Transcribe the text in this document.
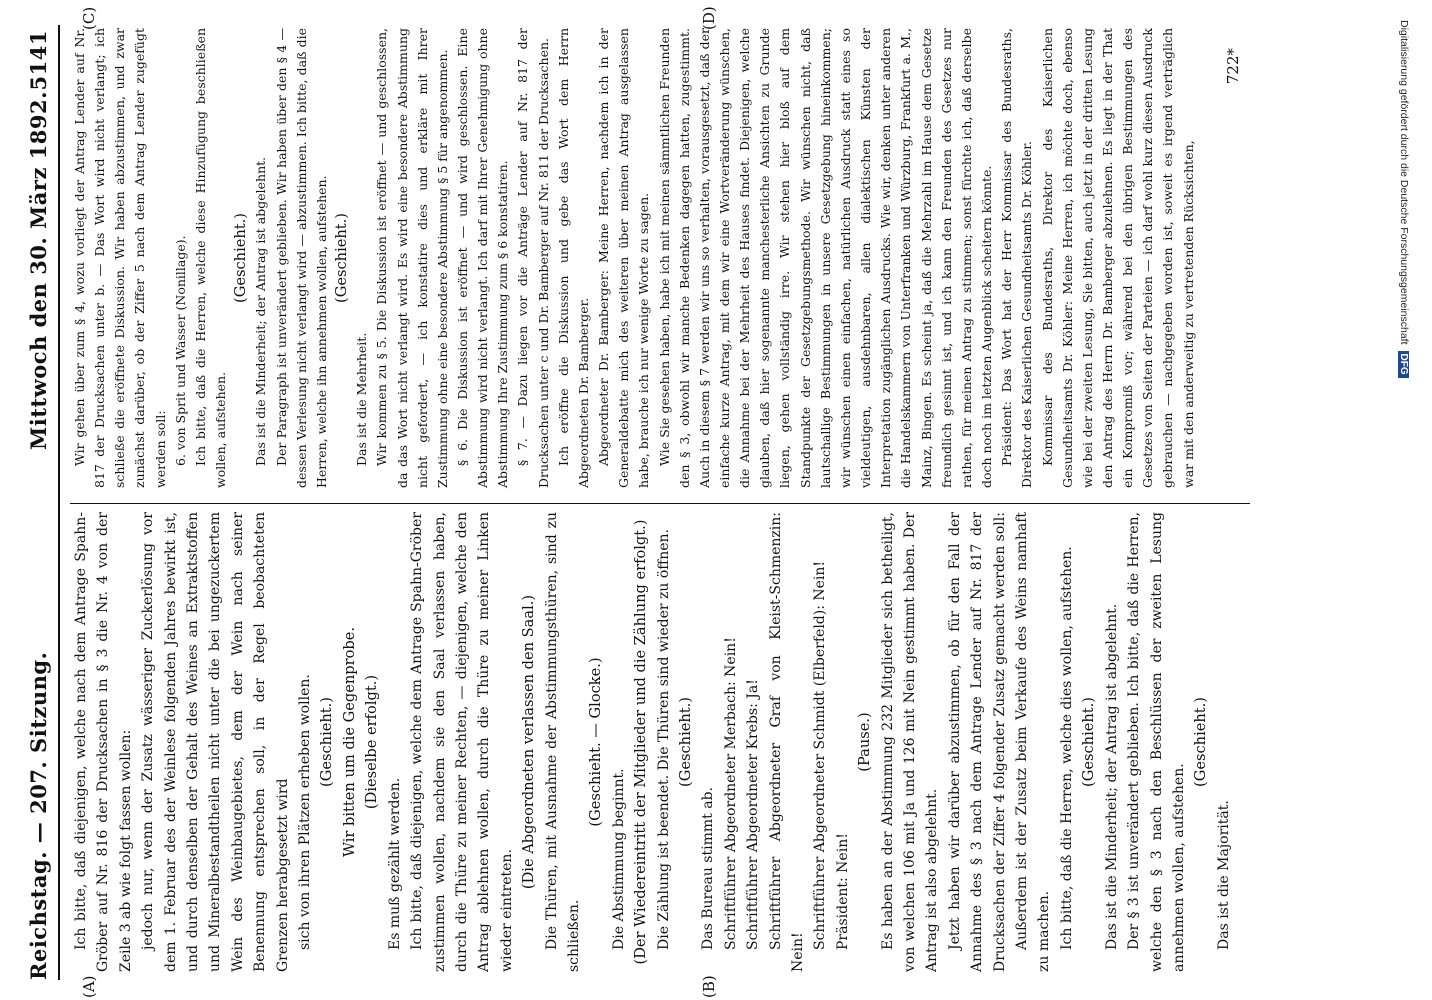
Reichstag. — 207. Sitzung.
Mittwoch den 30. März 1892.
5141
(A)	(B)
(C)	(D)

Ich bitte, daß diejenigen, welche nach dem Antrage Spahn-Gröber auf Nr. 816 der Drucksachen in § 3 die Nr. 4 von der Zeile 3 ab wie folgt fassen wollen: jedoch nur, wenn der Zusatz wässeriger Zuckerlösung vor dem 1. Februar des der Weinlese folgenden Jahres bewirkt ist, und durch denselben der Gehalt des Weines an Extraktstoffen und Mineralbestandtheilen nicht unter die bei ungezuckertem Wein des Weinbaugebietes, dem der Wein nach seiner Benennung entsprechen soll, in der Regel beobachteten Grenzen herabgesetzt wird sich von ihren Plätzen erheben wollen. (Geschieht.) Wir bitten um die Gegenprobe. (Dieselbe erfolgt.)

Es muß gezählt werden. Ich bitte, daß diejenigen, welche dem Antrage Spahn-Gröber zustimmen wollen, nachdem sie den Saal verlassen haben, durch die Thüre zu meiner Rechten, — diejenigen, welche den Antrag ablehnen wollen, durch die Thüre zu meiner Linken wieder eintreten.

(Die Abgeordneten verlassen den Saal.) Die Thüren, mit Ausnahme der Abstimmungsthüren, sind zu schließen.

(Geschieht. — Glocke.)

Die Abstimmung beginnt. (Der Wiedereintritt der Mitglieder und die Zählung erfolgt.) Die Zählung ist beendet. Die Thüren sind wieder zu öffnen. (Geschieht.)

Das Bureau stimmt ab. Schriftführer Abgeordneter Merbach: Nein! Schriftführer Abgeordneter Krebs: Ja! Schriftführer Abgeordneter Graf von Kleist-Schmenzin: Nein!

Schriftführer Abgeordneter Schmidt (Elberfeld): Nein! Präsident: Nein!

(Pause.) Es haben an der Abstimmung 232 Mitglieder sich betheiligt, von welchen 106 mit Ja und 126 mit Nein gestimmt haben. Der Antrag ist also abgelehnt. Jetzt haben wir darüber abzustimmen, ob für den Fall der Annahme des § 3 nach dem Antrage Lender auf Nr. 817 der Drucksachen der Ziffer 4 folgender Zusatz gemacht werden soll: Außerdem ist der Zusatz beim Verkaufe des Weins namhaft zu machen. Ich bitte, daß die Herren, welche dies wollen, aufstehen. (Geschieht.) Das ist die Minderheit; der Antrag ist abgelehnt. Der § 3 ist unverändert geblieben. Ich bitte, daß die Herren, welche den § 3 nach den Beschlüssen der zweiten Lesung annehmen wollen, aufstehen.

(Geschieht.)

Das ist die Majorität.

Wir gehen über zum § 4, wozu vorliegt der Antrag Lender auf Nr. 817 der Drucksachen unter b. — Das Wort wird nicht verlangt; ich schließe die eröffnete Diskussion. Wir haben abzustimmen, und zwar zunächst darüber, ob der Ziffer 5 nach dem Antrag Lender zugefügt werden soll: 6. von Sprit und Wasser (Nonillage). Ich bitte, daß die Herren, welche diese Hinzufügung beschließen wollen, aufstehen.

(Geschieht.) Das ist die Minderheit; der Antrag ist abgelehnt. Der Paragraph ist unverändert geblieben. Wir haben über den § 4 — dessen Verlesung nicht verlangt wird — abzustimmen. Ich bitte, daß die Herren, welche ihn annehmen wollen, aufstehen. (Geschieht.)

Das ist die Mehrheit. Wir kommen zu § 5. Die Diskussion ist eröffnet — und geschlossen, da das Wort nicht verlangt wird. Es wird eine besondere Abstimmung nicht gefordert, — ich konstatire dies und erkläre mit Ihrer Zustimmung ohne eine besondere Abstimmung § 5 für angenommen. § 6. Die Diskussion ist eröffnet — und wird geschlossen. Eine Abstimmung wird nicht verlangt. Ich darf mit Ihrer Genehmigung ohne Abstimmung Ihre Zustimmung zum § 6 konstatiren. § 7. — Dazu liegen vor die Anträge Lender auf Nr. 817 der Drucksachen unter c und Dr. Bamberger auf Nr. 811 der Drucksachen. Ich eröffne die Diskussion und gebe das Wort dem Herrn Abgeordneten Dr. Bamberger. Abgeordneter Dr. Bamberger: Meine Herren, nachdem ich in der Generaldebatte mich des weiteren über meinen Antrag ausgelassen habe, brauche ich nur wenige Worte zu sagen. Wie Sie gesehen haben, habe ich mit meinen sämmtlichen Freunden den § 3, obwohl wir manche Bedenken dagegen hatten, zugestimmt. Auch in diesem § 7 werden wir uns so verhalten, vorausgesetzt, daß der einfache kurze Antrag, mit dem wir eine Wortveränderung wünschen, die Annahme bei der Mehrheit des Hauses findet. Diejenigen, welche glauben, daß hier sogenannte manchesterliche Ansichten zu Grunde liegen, gehen vollständig irre. Wir stehen hier bloß auf dem Standpunkte der Gesetzgebungsmethode. Wir wünschen nicht, daß lautschallige Bestimmungen in unsere Gesetzgebung hineinkommen; wir wünschen einen einfachen, natürlichen Ausdruck statt eines so vieldeutigen, ausdehnbaren, allen dialektischen Künsten der Interpretation zugänglichen Ausdrucks. Wie wir, denken unter anderen die Handelskammern von Unterfranken und Würzburg, Frankfurt a. M., Mainz, Bingen. Es scheint ja, daß die Mehrzahl im Hause dem Gesetze freundlich gesinnt ist, und ich kann den Freunden des Gesetzes nur rathen, für meinen Antrag zu stimmen; sonst fürchte ich, daß derselbe doch noch im letzten Augenblick scheitern könnte. Präsident: Das Wort hat der Herr Kommissar des Bundesraths, Direktor des Kaiserlichen Gesundheitsamts Dr. Köhler. Kommissar des Bundesraths, Direktor des Kaiserlichen Gesundheitsamts Dr. Köhler: Meine Herren, ich möchte doch, ebenso wie bei der zweiten Lesung, Sie bitten, auch jetzt in der dritten Lesung den Antrag des Herrn Dr. Bamberger abzulehnen. Es liegt in der That ein Kompromiß vor; während bei den übrigen Bestimmungen des Gesetzes von Seiten der Parteien — ich darf wohl kurz diesen Ausdruck gebrauchen — nachgegeben worden ist, soweit es irgend verträglich war mit den anderweitig zu vertretenden Rücksichten,

722*	Digitalisierung gefördert durch die Deutsche ForschungsgemeinschaftDFG
